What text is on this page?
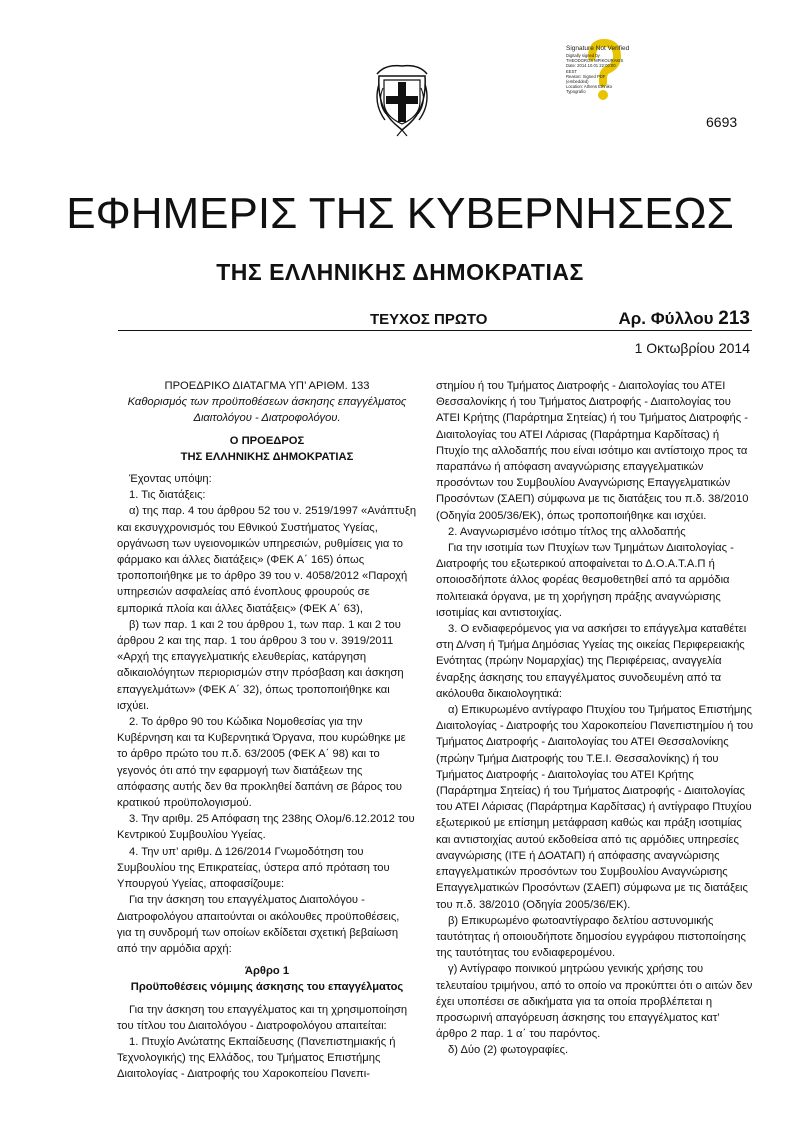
Signature Not Verified
Digitally signed by
THEODOROS MPIKOURAKIS
Date: 2014.10.01 22:00:00
EEST
Reason: Signed PDF
(embedded)
Location: Athens Ethniko
Typografio
6693
ΕΦΗΜΕΡΙΣ ΤΗΣ ΚΥΒΕΡΝΗΣΕΩΣ
ΤΗΣ ΕΛΛΗΝΙΚΗΣ ΔΗΜΟΚΡΑΤΙΑΣ
ΤΕΥΧΟΣ ΠΡΩΤΟ	Αρ. Φύλλου 213
1 Οκτωβρίου 2014

ΠΡΟΕΔΡΙΚΟ ΔΙΑΤΑΓΜΑ ΥΠ’ ΑΡΙΘΜ. 133

Καθορισμός των προϋποθέσεων άσκησης επαγγέλματος Διαιτολόγου - Διατροφολόγου.

Ο ΠΡΟΕΔΡΟΣ

ΤΗΣ ΕΛΛΗΝΙΚΗΣ ΔΗΜΟΚΡΑΤΙΑΣ

Έχοντας υπόψη:

1. Τις διατάξεις:

α) της παρ. 4 του άρθρου 52 του ν. 2519/1997 «Ανάπτυξη και εκσυγχρονισμός του Εθνικού Συστήματος Υγείας, οργάνωση των υγειονομικών υπηρεσιών, ρυθμίσεις για το φάρμακο και άλλες διατάξεις» (ΦΕΚ Α΄ 165) όπως τροποποιήθηκε με το άρθρο 39 του ν. 4058/2012 «Παροχή υπηρεσιών ασφαλείας από ένοπλους φρουρούς σε εμπορικά πλοία και άλλες διατάξεις» (ΦΕΚ Α΄ 63),

β) των παρ. 1 και 2 του άρθρου 1, των παρ. 1 και 2 του άρθρου 2 και της παρ. 1 του άρθρου 3 του ν. 3919/2011 «Αρχή της επαγγελματικής ελευθερίας, κατάργηση αδικαιολόγητων περιορισμών στην πρόσβαση και άσκηση επαγγελμάτων» (ΦΕΚ Α΄ 32), όπως τροποποιήθηκε και ισχύει.

2. Το άρθρο 90 του Κώδικα Νομοθεσίας για την Κυβέρνηση και τα Κυβερνητικά Όργανα, που κυρώθηκε με το άρθρο πρώτο του π.δ. 63/2005 (ΦΕΚ Α΄ 98) και το γεγονός ότι από την εφαρμογή των διατάξεων της απόφασης αυτής δεν θα προκληθεί δαπάνη σε βάρος του κρατικού προϋπολογισμού.

3. Την αριθμ. 25 Απόφαση της 238ης Ολομ/6.12.2012 του Κεντρικού Συμβουλίου Υγείας.

4. Την υπ’ αριθμ. Δ 126/2014 Γνωμοδότηση του Συμβουλίου της Επικρατείας, ύστερα από πρόταση του Υπουργού Υγείας, αποφασίζουμε:

Για την άσκηση του επαγγέλματος Διαιτολόγου - Διατροφολόγου απαιτούνται οι ακόλουθες προϋποθέσεις, για τη συνδρομή των οποίων εκδίδεται σχετική βεβαίωση από την αρμόδια αρχή:

Άρθρο 1

Προϋποθέσεις νόμιμης άσκησης του επαγγέλματος

Για την άσκηση του επαγγέλματος και τη χρησιμοποίηση του τίτλου του Διαιτολόγου - Διατροφολόγου απαιτείται:

1. Πτυχίο Ανώτατης Εκπαίδευσης (Πανεπιστημιακής ή Τεχνολογικής) της Ελλάδος, του Τμήματος Επιστήμης Διαιτολογίας - Διατροφής του Χαροκοπείου Πανεπι-

στημίου ή του Τμήματος Διατροφής - Διαιτολογίας του ΑΤΕΙ Θεσσαλονίκης ή του Τμήματος Διατροφής - Διαιτολογίας του ΑΤΕΙ Κρήτης (Παράρτημα Σητείας) ή του Τμήματος Διατροφής - Διαιτολογίας του ΑΤΕΙ Λάρισας (Παράρτημα Καρδίτσας) ή Πτυχίο της αλλοδαπής που είναι ισότιμο και αντίστοιχο προς τα παραπάνω ή απόφαση αναγνώρισης επαγγελματικών προσόντων του Συμβουλίου Αναγνώρισης Επαγγελματικών Προσόντων (ΣΑΕΠ) σύμφωνα με τις διατάξεις του π.δ. 38/2010 (Οδηγία 2005/36/ΕΚ), όπως τροποποιήθηκε και ισχύει.

2. Αναγνωρισμένο ισότιμο τίτλος της αλλοδαπής

Για την ισοτιμία των Πτυχίων των Τμημάτων Διαιτολογίας - Διατροφής του εξωτερικού αποφαίνεται το Δ.Ο.Α.Τ.Α.Π ή οποιοσδήποτε άλλος φορέας θεσμοθετηθεί από τα αρμόδια πολιτειακά όργανα, με τη χορήγηση πράξης αναγνώρισης ισοτιμίας και αντιστοιχίας.

3. Ο ενδιαφερόμενος για να ασκήσει το επάγγελμα καταθέτει στη Δ/νση ή Τμήμα Δημόσιας Υγείας της οικείας Περιφερειακής Ενότητας (πρώην Νομαρχίας) της Περιφέρειας, αναγγελία έναρξης άσκησης του επαγγέλματος συνοδευμένη από τα ακόλουθα δικαιολογητικά:

α) Επικυρωμένο αντίγραφο Πτυχίου του Τμήματος Επιστήμης Διαιτολογίας - Διατροφής του Χαροκοπείου Πανεπιστημίου ή του Τμήματος Διατροφής - Διαιτολογίας του ΑΤΕΙ Θεσσαλονίκης (πρώην Τμήμα Διατροφής του Τ.Ε.Ι. Θεσσαλονίκης) ή του Τμήματος Διατροφής - Διαιτολογίας του ΑΤΕΙ Κρήτης (Παράρτημα Σητείας) ή του Τμήματος Διατροφής - Διαιτολογίας του ΑΤΕΙ Λάρισας (Παράρτημα Καρδίτσας) ή αντίγραφο Πτυχίου εξωτερικού με επίσημη μετάφραση καθώς και πράξη ισοτιμίας και αντιστοιχίας αυτού εκδοθείσα από τις αρμόδιες υπηρεσίες αναγνώρισης (ΙΤΕ ή ΔΟΑΤΑΠ) ή απόφασης αναγνώρισης επαγγελματικών προσόντων του Συμβουλίου Αναγνώρισης Επαγγελματικών Προσόντων (ΣΑΕΠ) σύμφωνα με τις διατάξεις του π.δ. 38/2010 (Οδηγία 2005/36/ΕΚ).

β) Επικυρωμένο φωτοαντίγραφο δελτίου αστυνομικής ταυτότητας ή οποιουδήποτε δημοσίου εγγράφου πιστοποίησης της ταυτότητας του ενδιαφερομένου.

γ) Αντίγραφο ποινικού μητρώου γενικής χρήσης του τελευταίου τριμήνου, από το οποίο να προκύπτει ότι ο αιτών δεν έχει υποπέσει σε αδικήματα για τα οποία προβλέπεται η προσωρινή απαγόρευση άσκησης του επαγγέλματος κατ’ άρθρο 2 παρ. 1 α΄ του παρόντος.

δ) Δύο (2) φωτογραφίες.
